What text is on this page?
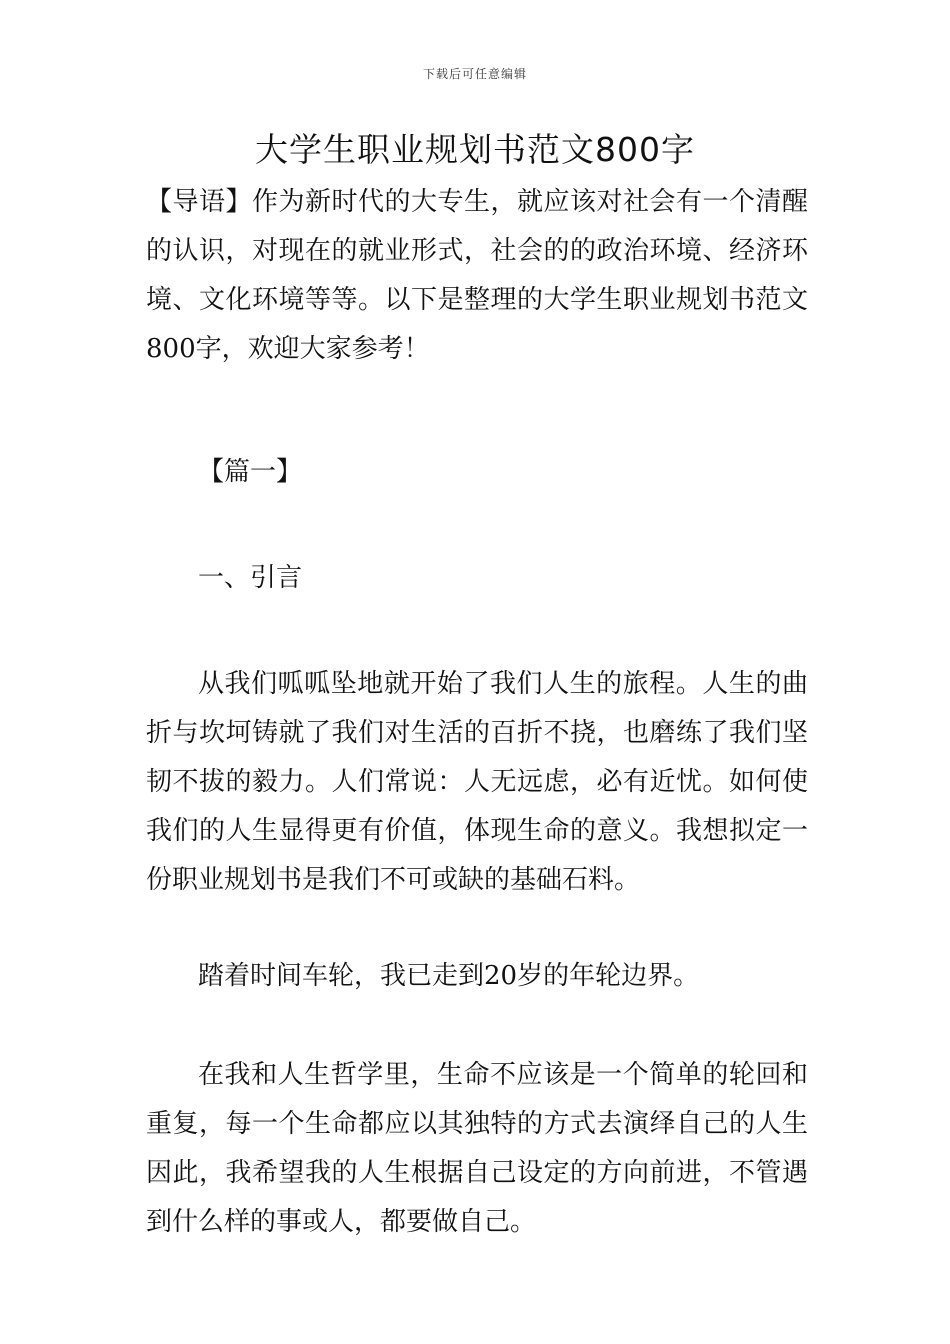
下载后可任意编辑
大学生职业规划书范文800字

【导语】作为新时代的大专生，就应该对社会有一个清醒的认识，对现在的就业形式，社会的的政治环境、经济环境、文化环境等等。以下是整理的大学生职业规划书范文800字，欢迎大家参考！

【篇一】

一、引言

从我们呱呱坠地就开始了我们人生的旅程。人生的曲折与坎坷铸就了我们对生活的百折不挠，也磨练了我们坚韧不拔的毅力。人们常说：人无远虑，必有近忧。如何使我们的人生显得更有价值，体现生命的意义。我想拟定一份职业规划书是我们不可或缺的基础石料。

踏着时间车轮，我已走到20岁的年轮边界。

在我和人生哲学里，生命不应该是一个简单的轮回和重复，每一个生命都应以其独特的方式去演绎自己的人生因此，我希望我的人生根据自己设定的方向前进，不管遇到什么样的事或人，都要做自己。
